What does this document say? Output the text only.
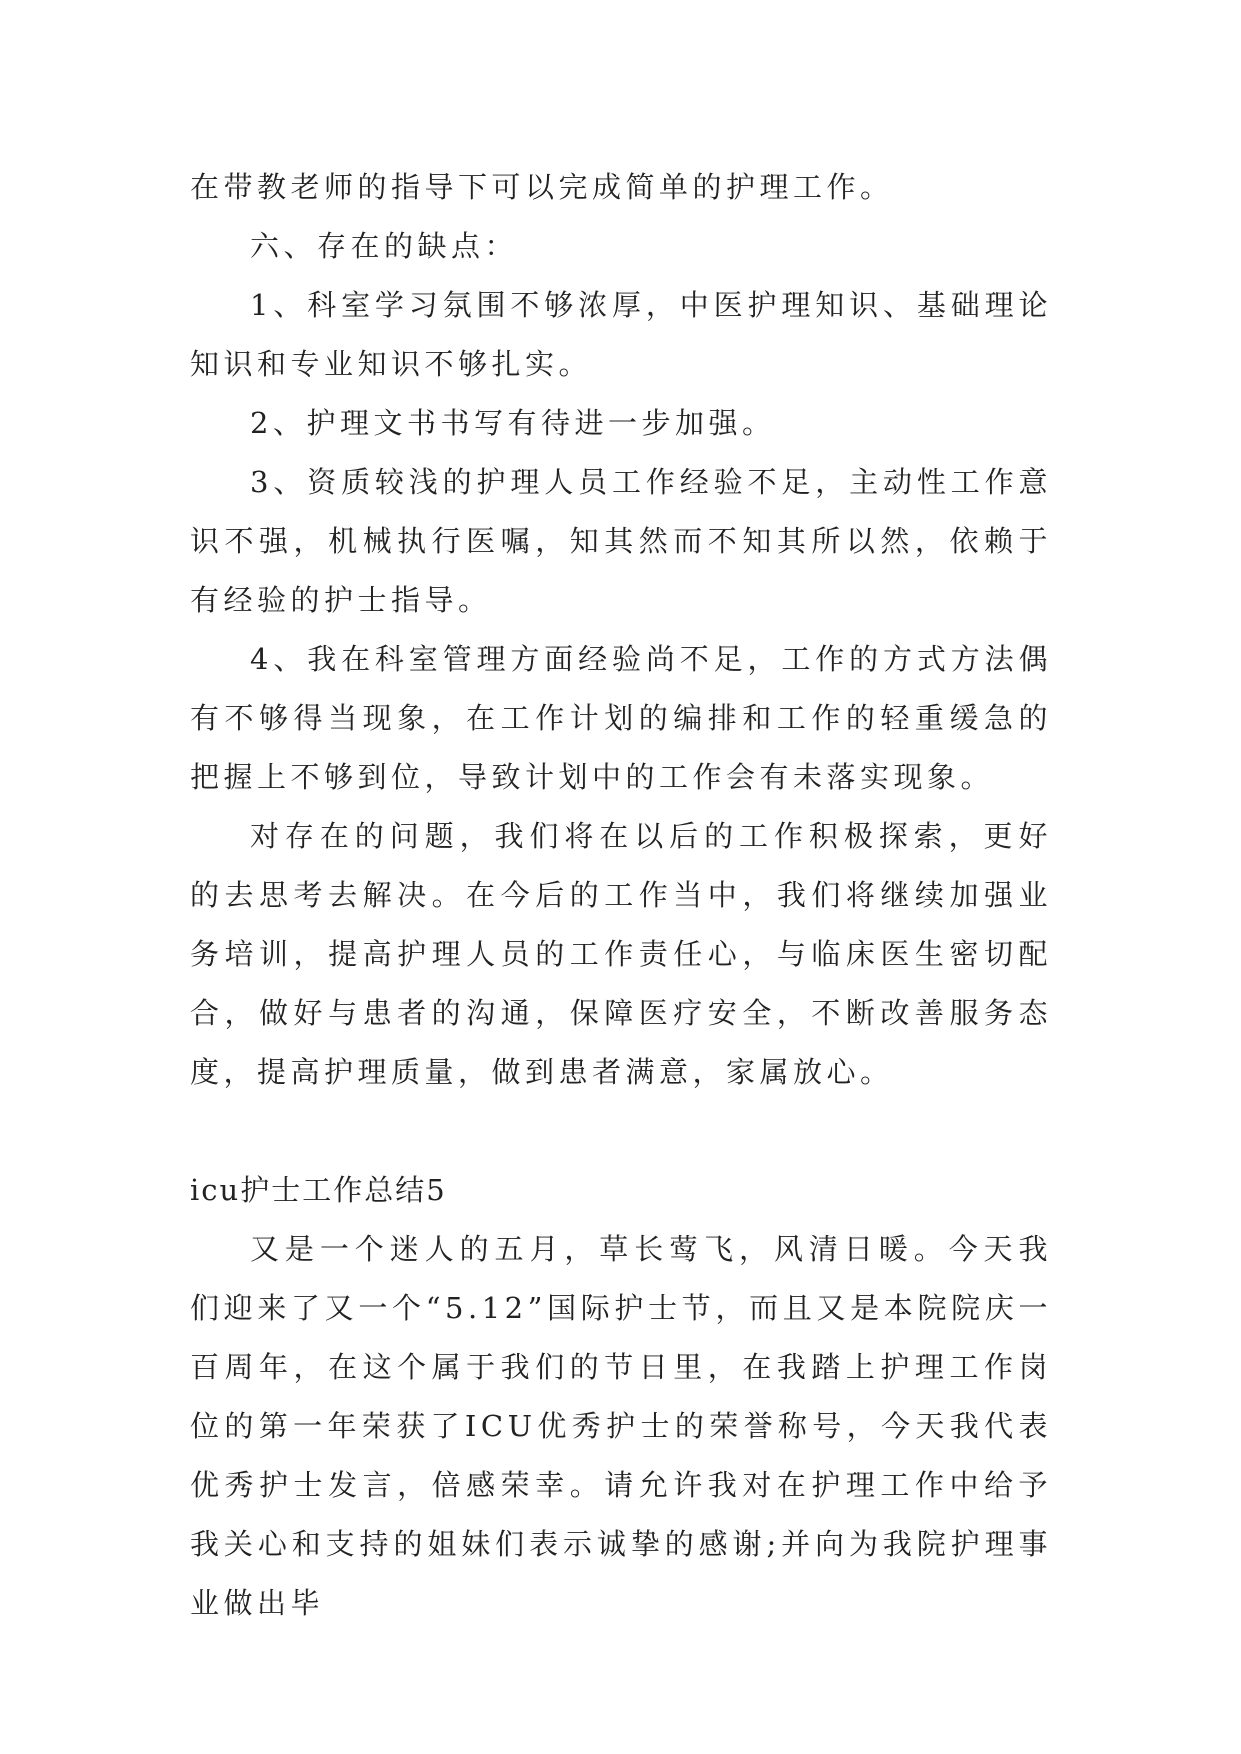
在带教老师的指导下可以完成简单的护理工作。

六、存在的缺点：

1、科室学习氛围不够浓厚，中医护理知识、基础理论知识和专业知识不够扎实。

2、护理文书书写有待进一步加强。

3、资质较浅的护理人员工作经验不足，主动性工作意识不强，机械执行医嘱，知其然而不知其所以然，依赖于有经验的护士指导。

4、我在科室管理方面经验尚不足，工作的方式方法偶有不够得当现象，在工作计划的编排和工作的轻重缓急的把握上不够到位，导致计划中的工作会有未落实现象。

对存在的问题，我们将在以后的工作积极探索，更好的去思考去解决。在今后的工作当中，我们将继续加强业务培训，提高护理人员的工作责任心，与临床医生密切配合，做好与患者的沟通，保障医疗安全，不断改善服务态度，提高护理质量，做到患者满意，家属放心。

icu护士工作总结5

又是一个迷人的五月，草长莺飞，风清日暖。今天我们迎来了又一个“5.12”国际护士节，而且又是本院院庆一百周年，在这个属于我们的节日里，在我踏上护理工作岗位的第一年荣获了ICU优秀护士的荣誉称号，今天我代表优秀护士发言，倍感荣幸。请允许我对在护理工作中给予我关心和支持的姐妹们表示诚挚的感谢;并向为我院护理事业做出毕
